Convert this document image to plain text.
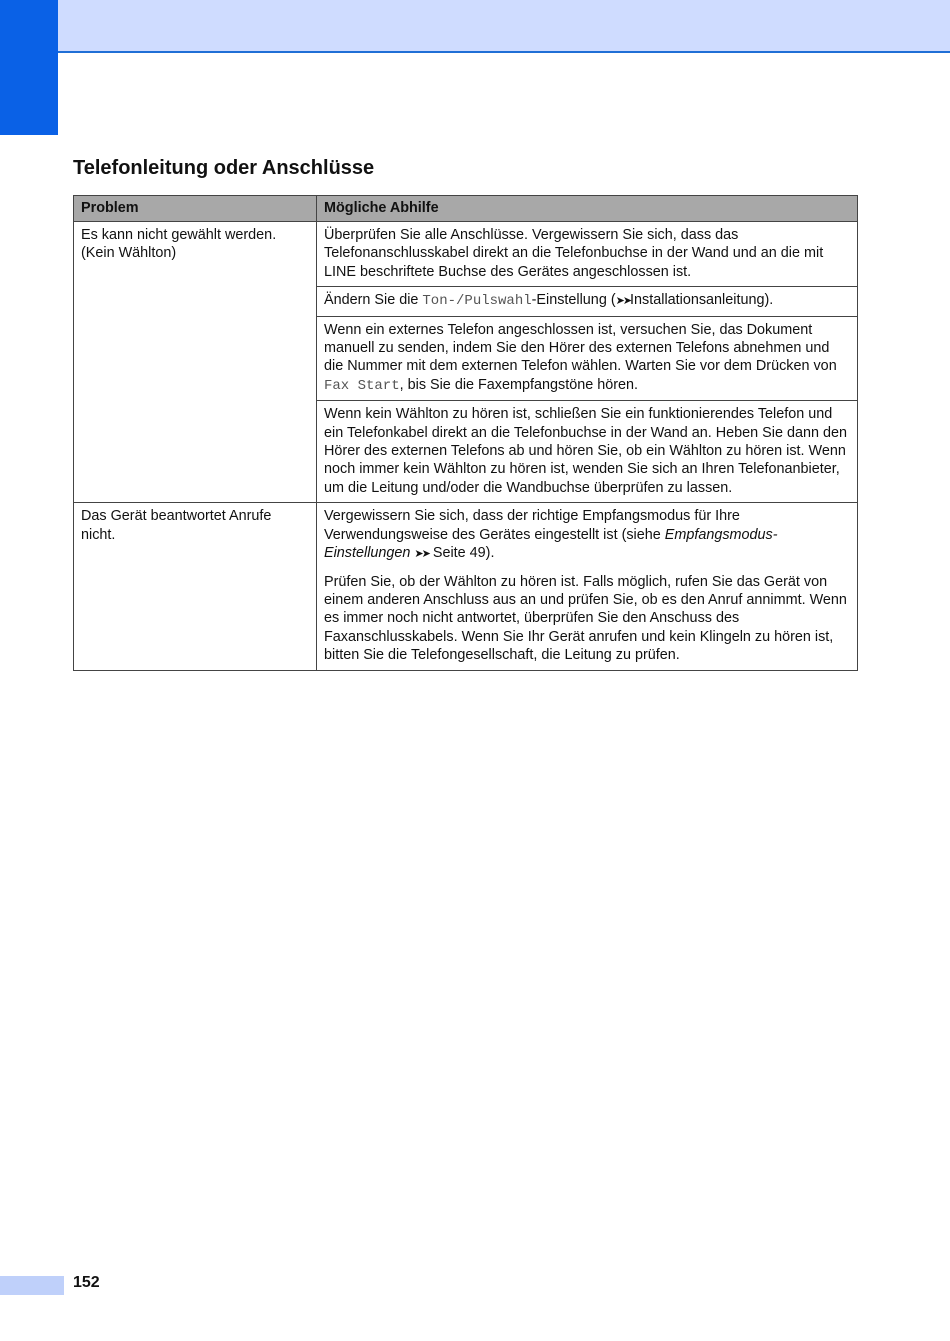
Telefonleitung oder Anschlüsse
Problem	Mögliche Abhilfe
Es kann nicht gewählt werden. (Kein Wählton)	Überprüfen Sie alle Anschlüsse. Vergewissern Sie sich, dass das Telefonanschlusskabel direkt an die Telefonbuchse in der Wand und an die mit LINE beschriftete Buchse des Gerätes angeschlossen ist.
	Ändern Sie die Ton-/Pulswahl-Einstellung (➤➤Installationsanleitung).
	Wenn ein externes Telefon angeschlossen ist, versuchen Sie, das Dokument manuell zu senden, indem Sie den Hörer des externen Telefons abnehmen und die Nummer mit dem externen Telefon wählen. Warten Sie vor dem Drücken von Fax Start, bis Sie die Faxempfangstöne hören.
	Wenn kein Wählton zu hören ist, schließen Sie ein funktionierendes Telefon und ein Telefonkabel direkt an die Telefonbuchse in der Wand an. Heben Sie dann den Hörer des externen Telefons ab und hören Sie, ob ein Wählton zu hören ist. Wenn noch immer kein Wählton zu hören ist, wenden Sie sich an Ihren Telefonanbieter, um die Leitung und/oder die Wandbuchse überprüfen zu lassen.
Das Gerät beantwortet Anrufe nicht.	Vergewissern Sie sich, dass der richtige Empfangsmodus für Ihre Verwendungsweise des Gerätes eingestellt ist (siehe Empfangsmodus-Einstellungen ➤➤ Seite 49).
Prüfen Sie, ob der Wählton zu hören ist. Falls möglich, rufen Sie das Gerät von einem anderen Anschluss aus an und prüfen Sie, ob es den Anruf annimmt. Wenn es immer noch nicht antwortet, überprüfen Sie den Anschuss des Faxanschlusskabels. Wenn Sie Ihr Gerät anrufen und kein Klingeln zu hören ist, bitten Sie die Telefongesellschaft, die Leitung zu prüfen.
152
